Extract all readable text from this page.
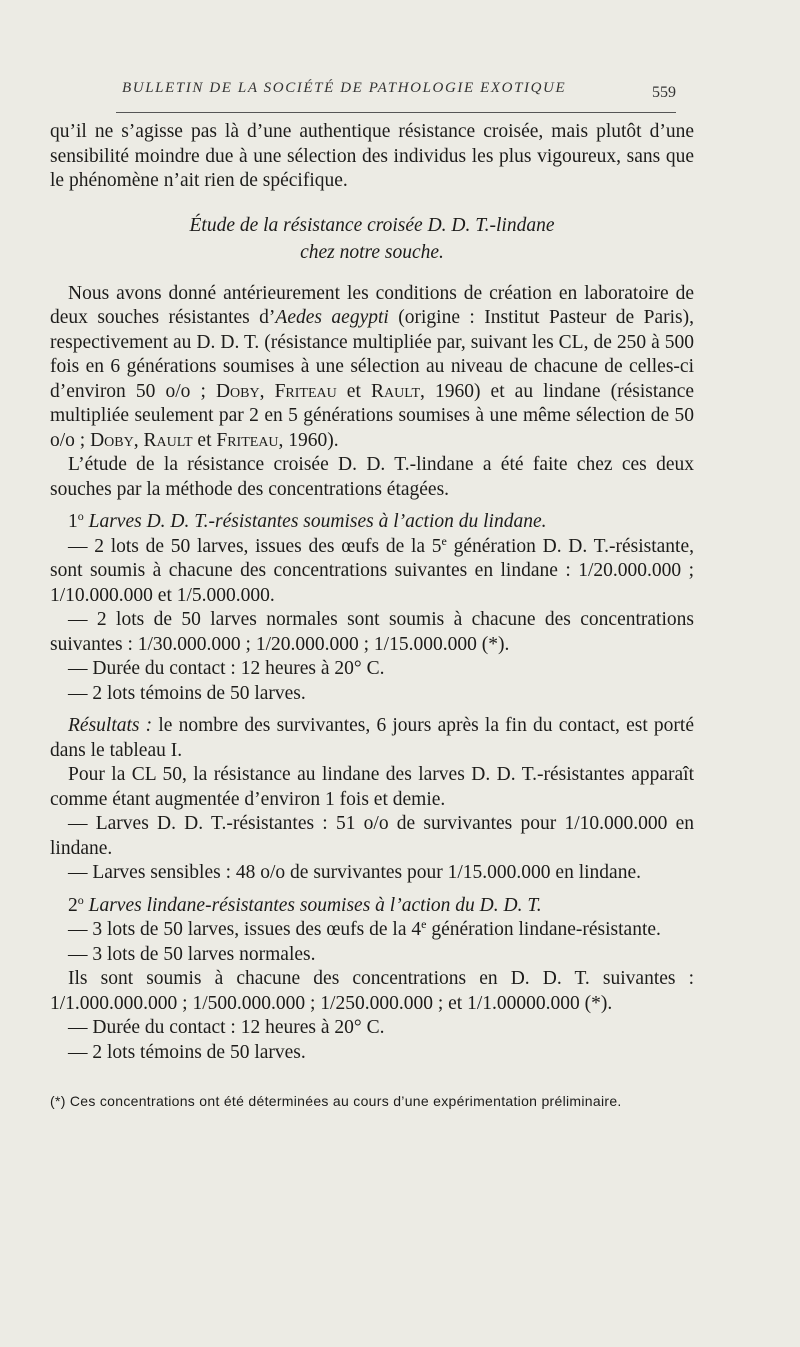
BULLETIN DE LA SOCIÉTÉ DE PATHOLOGIE EXOTIQUE	559

qu’il ne s’agisse pas là d’une authentique résistance croisée, mais plutôt d’une sensibilité moindre due à une sélection des individus les plus vigoureux, sans que le phénomène n’ait rien de spécifique.

Étude de la résistance croisée D. D. T.-lindane
chez notre souche.

Nous avons donné antérieurement les conditions de création en laboratoire de deux souches résistantes d’Aedes aegypti (origine : Institut Pasteur de Paris), respectivement au D. D. T. (résistance multipliée par, suivant les CL, de 250 à 500 fois en 6 générations soumises à une sélection au niveau de chacune de celles-ci d’environ 50 o/o ; Doby, Friteau et Rault, 1960) et au lindane (résistance multipliée seulement par 2 en 5 générations soumises à une même sélection de 50 o/o ; Doby, Rault et Friteau, 1960).

L’étude de la résistance croisée D. D. T.-lindane a été faite chez ces deux souches par la méthode des concentrations étagées.

1$^o$ Larves D. D. T.-résistantes soumises à l’action du lindane.

— 2 lots de 50 larves, issues des œufs de la 5e génération D. D. T.-résistante, sont soumis à chacune des concentrations suivantes en lindane : 1/20.000.000 ; 1/10.000.000 et 1/5.000.000.

— 2 lots de 50 larves normales sont soumis à chacune des concentrations suivantes : 1/30.000.000 ; 1/20.000.000 ; 1/15.000.000 (*).

— Durée du contact : 12 heures à 20° C.

— 2 lots témoins de 50 larves.

Résultats : le nombre des survivantes, 6 jours après la fin du contact, est porté dans le tableau I.

Pour la CL 50, la résistance au lindane des larves D. D. T.-résistantes apparaît comme étant augmentée d’environ 1 fois et demie.

— Larves D. D. T.-résistantes : 51 o/o de survivantes pour 1/10.000.000 en lindane.

— Larves sensibles : 48 o/o de survivantes pour 1/15.000.000 en lindane.

2$^o$ Larves lindane-résistantes soumises à l’action du D. D. T.

— 3 lots de 50 larves, issues des œufs de la 4e génération lindane-résistante.

— 3 lots de 50 larves normales.

Ils sont soumis à chacune des concentrations en D. D. T. suivantes : 1/1.000.000.000 ; 1/500.000.000 ; 1/250.000.000 ; et 1/1.00000.000 (*).

— Durée du contact : 12 heures à 20° C.

— 2 lots témoins de 50 larves.

(*) Ces concentrations ont été déterminées au cours d’une expérimentation préliminaire.
